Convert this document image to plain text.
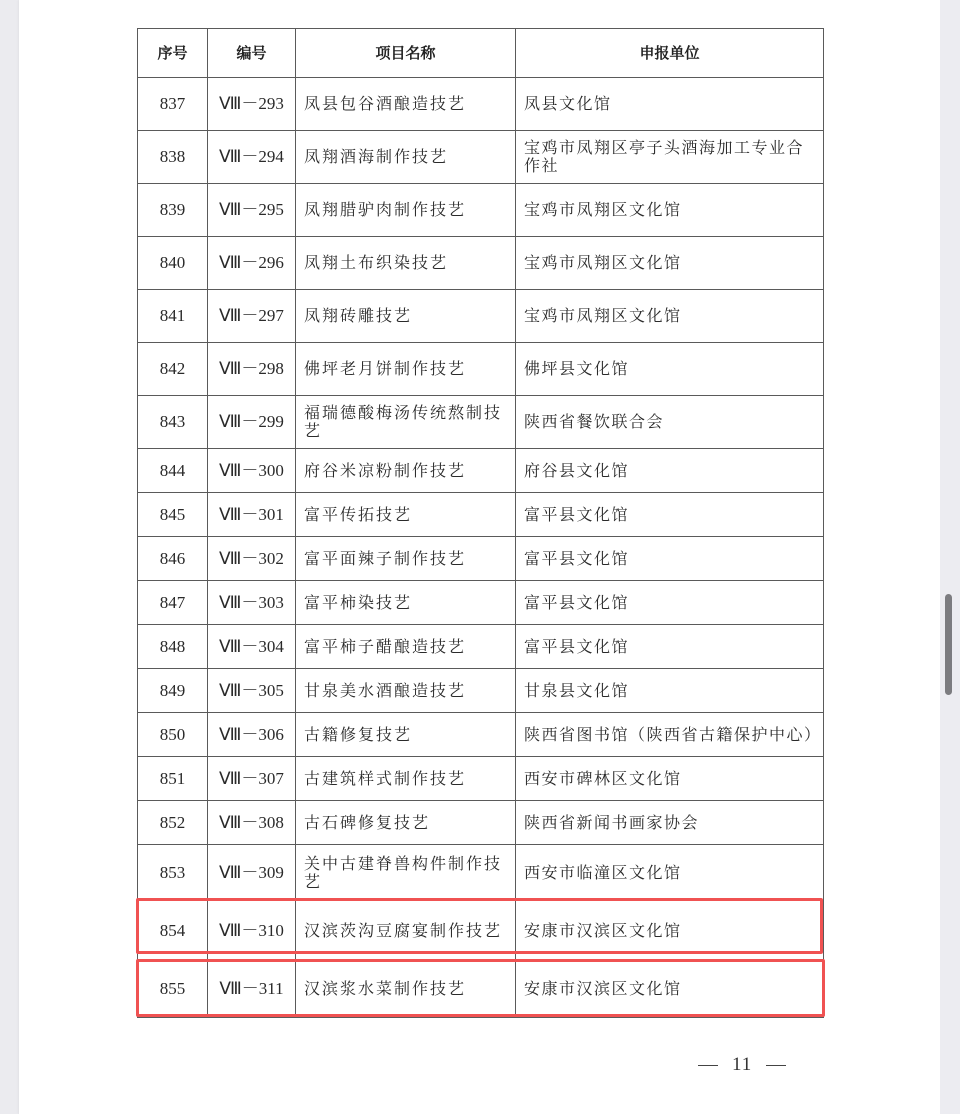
序号	编号	项目名称	申报单位
837	Ⅷ－293	凤县包谷酒酿造技艺	凤县文化馆
838	Ⅷ－294	凤翔酒海制作技艺	宝鸡市凤翔区亭子头酒海加工专业合作社
839	Ⅷ－295	凤翔腊驴肉制作技艺	宝鸡市凤翔区文化馆
840	Ⅷ－296	凤翔土布织染技艺	宝鸡市凤翔区文化馆
841	Ⅷ－297	凤翔砖雕技艺	宝鸡市凤翔区文化馆
842	Ⅷ－298	佛坪老月饼制作技艺	佛坪县文化馆
843	Ⅷ－299	福瑞德酸梅汤传统熬制技艺	陕西省餐饮联合会
844	Ⅷ－300	府谷米凉粉制作技艺	府谷县文化馆
845	Ⅷ－301	富平传拓技艺	富平县文化馆
846	Ⅷ－302	富平面辣子制作技艺	富平县文化馆
847	Ⅷ－303	富平柿染技艺	富平县文化馆
848	Ⅷ－304	富平柿子醋酿造技艺	富平县文化馆
849	Ⅷ－305	甘泉美水酒酿造技艺	甘泉县文化馆
850	Ⅷ－306	古籍修复技艺	陕西省图书馆（陕西省古籍保护中心）
851	Ⅷ－307	古建筑样式制作技艺	西安市碑林区文化馆
852	Ⅷ－308	古石碑修复技艺	陕西省新闻书画家协会
853	Ⅷ－309	关中古建脊兽构件制作技艺	西安市临潼区文化馆
854	Ⅷ－310	汉滨茨沟豆腐宴制作技艺	安康市汉滨区文化馆
855	Ⅷ－311	汉滨浆水菜制作技艺	安康市汉滨区文化馆
11
